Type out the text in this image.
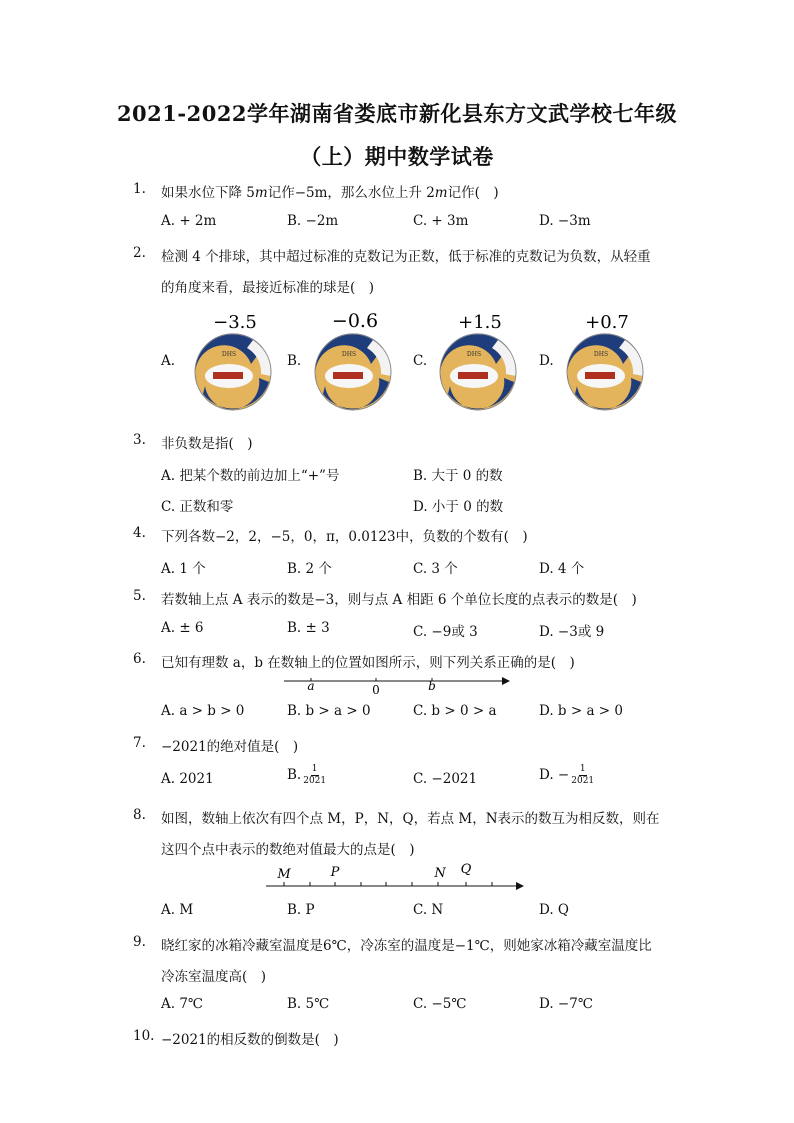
2021-2022学年湖南省娄底市新化县东方文武学校七年级
（上）期中数学试卷
1. 如果水位下降 5m记作−5m，那么水位上升 2m记作(　)
A. + 2m	B. −2m	C. + 3m	D. −3m
2. 检测 4 个排球，其中超过标准的克数记为正数，低于标准的克数记为负数，从轻重
的角度来看，最接近标准的球是(　)
A.	B.	C.	D.
−3.5
DHS
−0.6
DHS
+1.5
DHS
+0.7
DHS
3. 非负数是指(　)
A. 把某个数的前边加上“+”号	B. 大于 0 的数
C. 正数和零	D. 小于 0 的数
4. 下列各数−2，2，−5，0，π，0.0123中，负数的个数有(　)
A. 1 个	B. 2 个	C. 3 个	D. 4 个
5. 若数轴上点 A 表示的数是−3，则与点 A 相距 6 个单位长度的点表示的数是(　)
A. ± 6	B. ± 3	C. −9或 3	D. −3或 9
6. 已知有理数 a，b 在数轴上的位置如图所示，则下列关系正确的是(　)
a	0	b
A. a > b > 0	B. b > a > 0	C. b > 0 > a	D. b > a > 0
7. −2021的绝对值是(　)
A. 2021	B. $\frac{1}{2021}$	C. −2021	D. − $\frac{1}{2021}$
8. 如图，数轴上依次有四个点 M，P，N，Q，若点 M，N表示的数互为相反数，则在
这四个点中表示的数绝对值最大的点是(　)
M	P	N Q
A. M	B. P	C. N	D. Q
9. 晓红家的冰箱冷藏室温度是6℃，冷冻室的温度是−1℃，则她家冰箱冷藏室温度比
冷冻室温度高(　)
A. 7℃	B. 5℃	C. −5℃	D. −7℃
10. −2021的相反数的倒数是(　)
